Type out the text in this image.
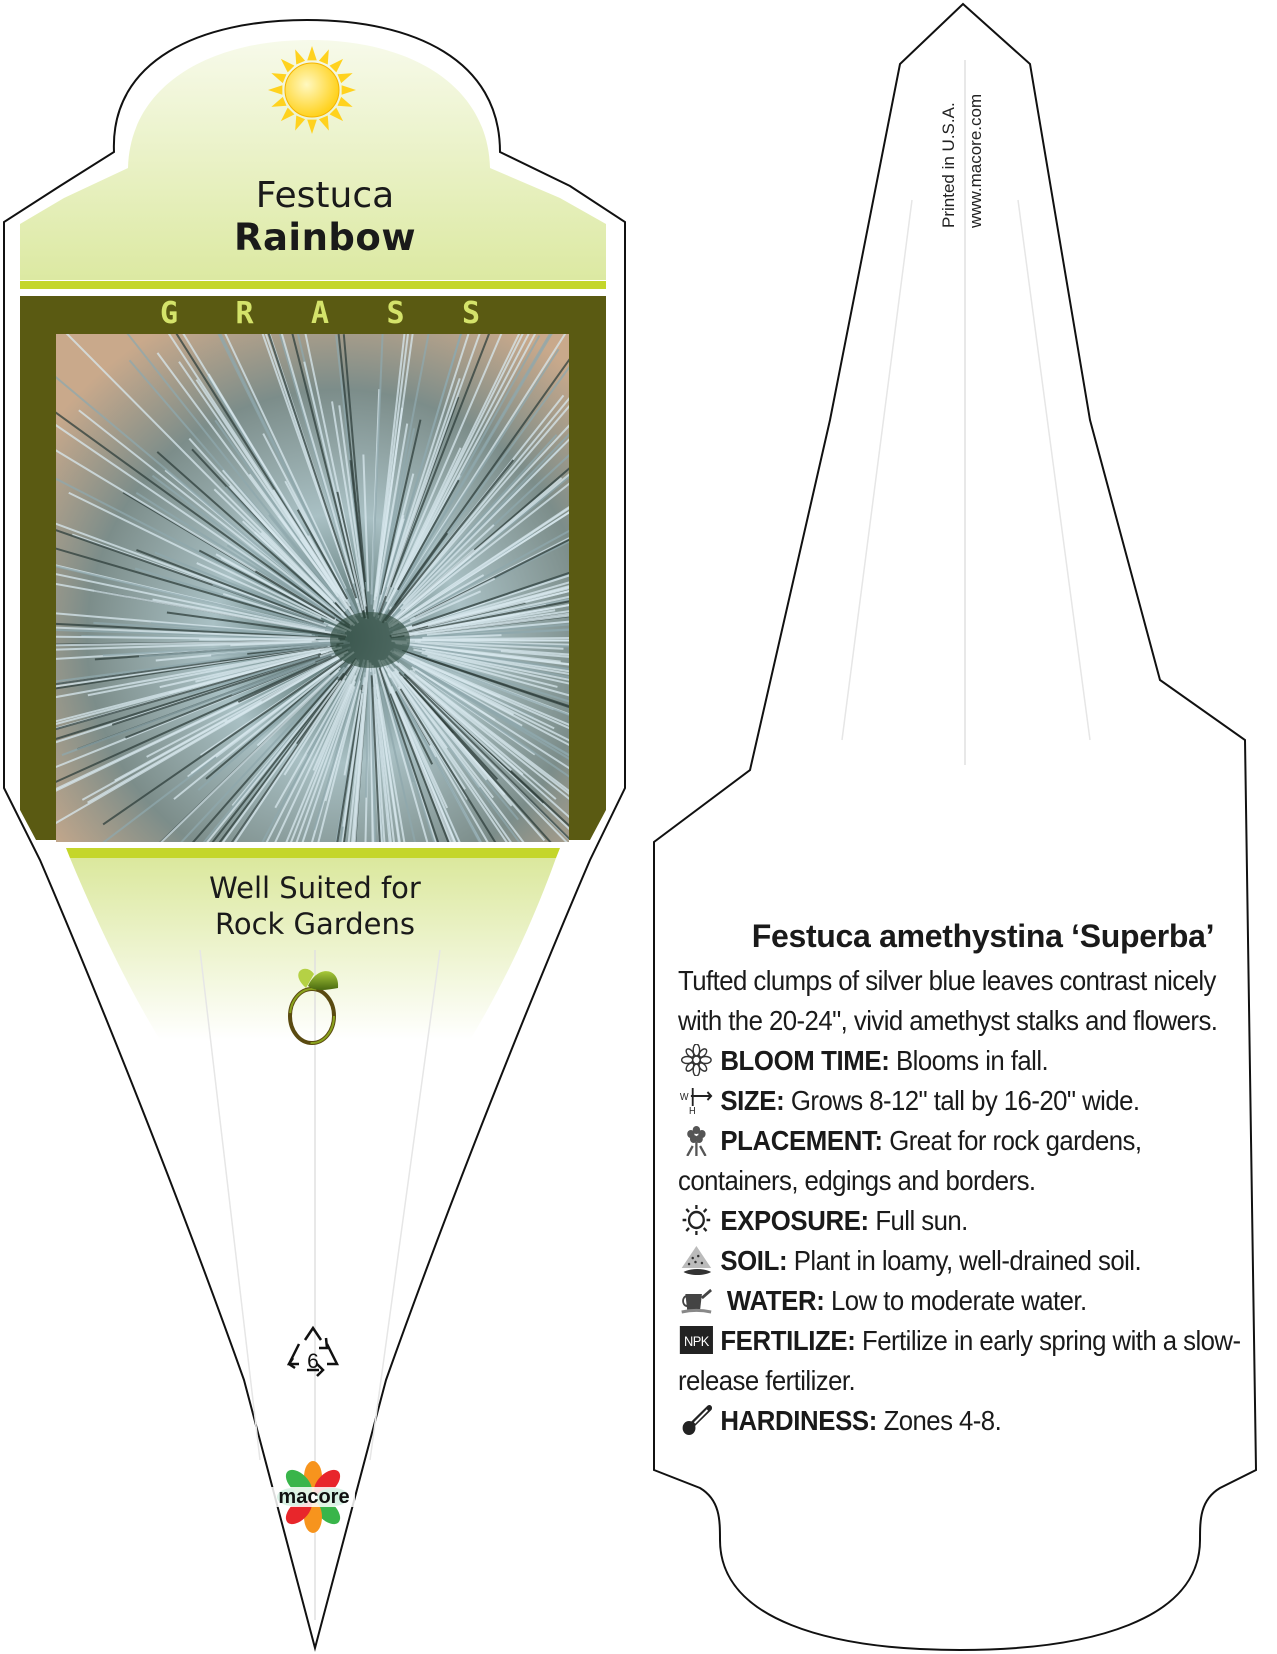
Festuca
Rainbow
G R A S S
Well Suited for
Rock Gardens
6
macore
Printed in U.S.A. www.macore.com
Festuca amethystina ‘Superba’
Tufted clumps of silver blue leaves contrast nicely with the 20-24", vivid amethyst stalks and flowers.
BLOOM TIME: Blooms in fall.
W
H SIZE: Grows 8-12" tall by 16-20" wide.
PLACEMENT: Great for rock gardens, containers, edgings and borders.
EXPOSURE: Full sun.
SOIL: Plant in loamy, well-drained soil.
WATER: Low to moderate water.
NPK FERTILIZE: Fertilize in early spring with a slow-release fertilizer.
HARDINESS: Zones 4-8.
